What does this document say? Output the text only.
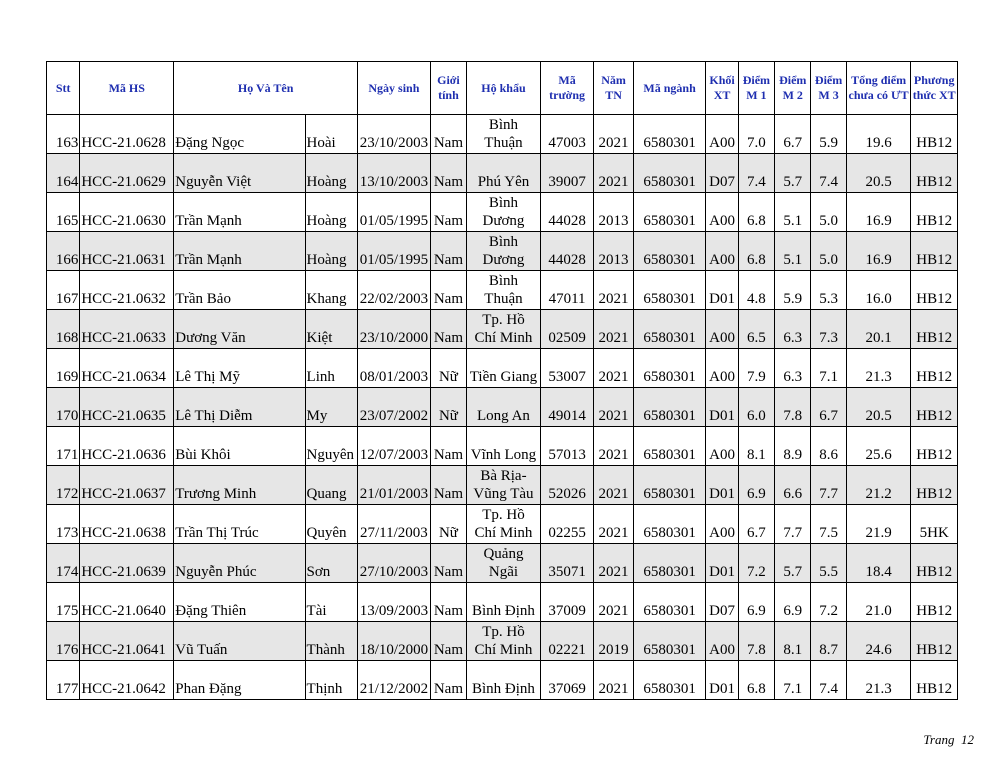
Stt	Mã HS	Họ Và Tên		Ngày sinh	Giới tính	Hộ khẩu	Mã trường	Năm TN	Mã ngành	Khối XT	Điểm M 1	Điểm M 2	Điểm M 3	Tổng điểm chưa có ƯT	Phương thức XT
163	HCC-21.0628	Đặng Ngọc	Hoài	23/10/2003	Nam	Bình
Thuận	47003	2021	6580301	A00	7.0	6.7	5.9	19.6	HB12
164	HCC-21.0629	Nguyễn Việt	Hoàng	13/10/2003	Nam	Phú Yên	39007	2021	6580301	D07	7.4	5.7	7.4	20.5	HB12
165	HCC-21.0630	Trần Mạnh	Hoàng	01/05/1995	Nam	Bình
Dương	44028	2013	6580301	A00	6.8	5.1	5.0	16.9	HB12
166	HCC-21.0631	Trần Mạnh	Hoàng	01/05/1995	Nam	Bình
Dương	44028	2013	6580301	A00	6.8	5.1	5.0	16.9	HB12
167	HCC-21.0632	Trần Bảo	Khang	22/02/2003	Nam	Bình
Thuận	47011	2021	6580301	D01	4.8	5.9	5.3	16.0	HB12
168	HCC-21.0633	Dương Văn	Kiệt	23/10/2000	Nam	Tp. Hồ
Chí Minh	02509	2021	6580301	A00	6.5	6.3	7.3	20.1	HB12
169	HCC-21.0634	Lê Thị Mỹ	Linh	08/01/2003	Nữ	Tiền Giang	53007	2021	6580301	A00	7.9	6.3	7.1	21.3	HB12
170	HCC-21.0635	Lê Thị Diễm	My	23/07/2002	Nữ	Long An	49014	2021	6580301	D01	6.0	7.8	6.7	20.5	HB12
171	HCC-21.0636	Bùi Khôi	Nguyên	12/07/2003	Nam	Vĩnh Long	57013	2021	6580301	A00	8.1	8.9	8.6	25.6	HB12
172	HCC-21.0637	Trương Minh	Quang	21/01/2003	Nam	Bà Rịa-
Vũng Tàu	52026	2021	6580301	D01	6.9	6.6	7.7	21.2	HB12
173	HCC-21.0638	Trần Thị Trúc	Quyên	27/11/2003	Nữ	Tp. Hồ
Chí Minh	02255	2021	6580301	A00	6.7	7.7	7.5	21.9	5HK
174	HCC-21.0639	Nguyễn Phúc	Sơn	27/10/2003	Nam	Quảng
Ngãi	35071	2021	6580301	D01	7.2	5.7	5.5	18.4	HB12
175	HCC-21.0640	Đặng Thiên	Tài	13/09/2003	Nam	Bình Định	37009	2021	6580301	D07	6.9	6.9	7.2	21.0	HB12
176	HCC-21.0641	Vũ Tuấn	Thành	18/10/2000	Nam	Tp. Hồ
Chí Minh	02221	2019	6580301	A00	7.8	8.1	8.7	24.6	HB12
177	HCC-21.0642	Phan Đặng	Thịnh	21/12/2002	Nam	Bình Định	37069	2021	6580301	D01	6.8	7.1	7.4	21.3	HB12
Trang 12
